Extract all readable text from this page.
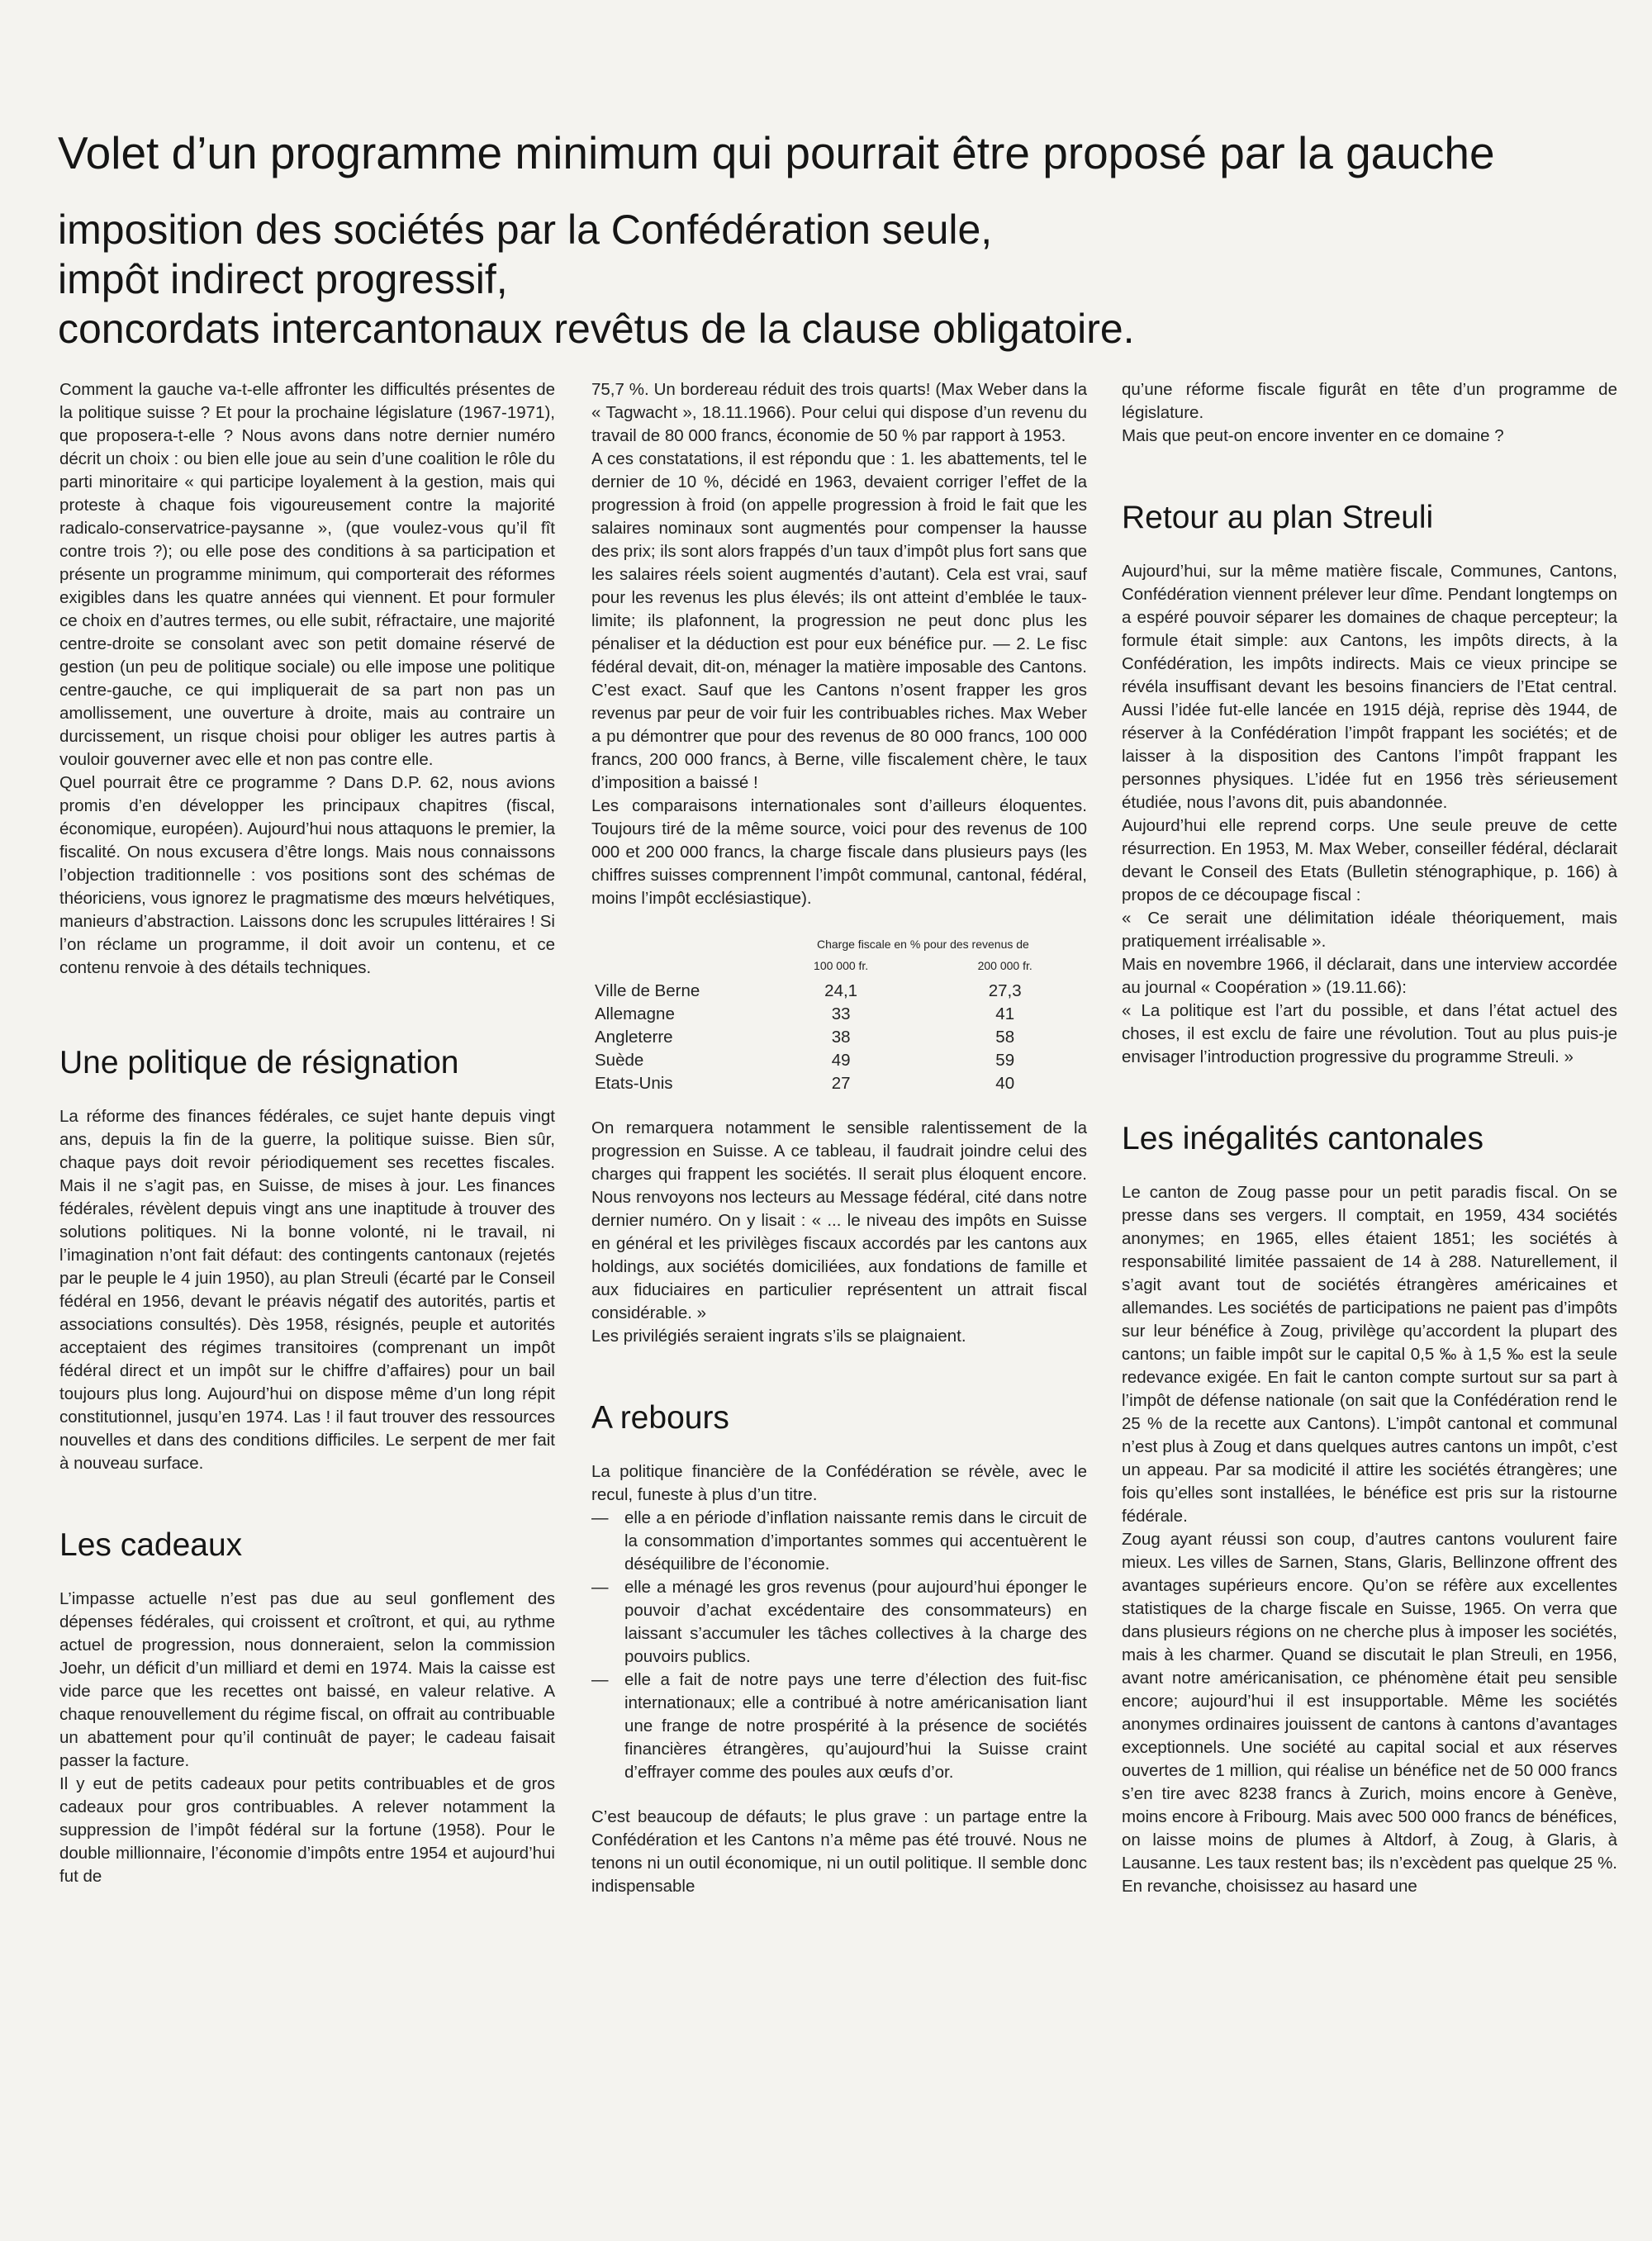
Volet d’un programme minimum qui pourrait être proposé par la gauche
imposition des sociétés par la Confédération seule,
impôt indirect progressif,
concordats intercantonaux revêtus de la clause obligatoire.

Comment la gauche va-t-elle affronter les difficultés présentes de la politique suisse ? Et pour la prochaine législature (1967-1971), que proposera-t-elle ? Nous avons dans notre dernier numéro décrit un choix : ou bien elle joue au sein d’une coalition le rôle du parti minoritaire « qui participe loyalement à la gestion, mais qui proteste à chaque fois vigoureusement contre la majorité radicalo-conservatrice-paysanne », (que voulez-vous qu’il fît contre trois ?); ou elle pose des conditions à sa participation et présente un programme minimum, qui comporterait des réformes exigibles dans les quatre années qui viennent. Et pour formuler ce choix en d’autres termes, ou elle subit, réfractaire, une majorité centre-droite se consolant avec son petit domaine réservé de gestion (un peu de politique sociale) ou elle impose une politique centre-gauche, ce qui impliquerait de sa part non pas un amollissement, une ouverture à droite, mais au contraire un durcissement, un risque choisi pour obliger les autres partis à vouloir gouverner avec elle et non pas contre elle.

Quel pourrait être ce programme ? Dans D.P. 62, nous avions promis d’en développer les principaux chapitres (fiscal, économique, européen). Aujourd’hui nous attaquons le premier, la fiscalité. On nous excusera d’être longs. Mais nous connaissons l’objection traditionnelle : vos positions sont des schémas de théoriciens, vous ignorez le pragmatisme des mœurs helvétiques, manieurs d’abstraction. Laissons donc les scrupules littéraires ! Si l’on réclame un programme, il doit avoir un contenu, et ce contenu renvoie à des détails techniques.

Une politique de résignation

La réforme des finances fédérales, ce sujet hante depuis vingt ans, depuis la fin de la guerre, la politique suisse. Bien sûr, chaque pays doit revoir périodiquement ses recettes fiscales. Mais il ne s’agit pas, en Suisse, de mises à jour. Les finances fédérales, révèlent depuis vingt ans une inaptitude à trouver des solutions politiques. Ni la bonne volonté, ni le travail, ni l’imagination n’ont fait défaut: des contingents cantonaux (rejetés par le peuple le 4 juin 1950), au plan Streuli (écarté par le Conseil fédéral en 1956, devant le préavis négatif des autorités, partis et associations consultés). Dès 1958, résignés, peuple et autorités acceptaient des régimes transitoires (comprenant un impôt fédéral direct et un impôt sur le chiffre d’affaires) pour un bail toujours plus long. Aujourd’hui on dispose même d’un long répit constitutionnel, jusqu’en 1974. Las ! il faut trouver des ressources nouvelles et dans des conditions difficiles. Le serpent de mer fait à nouveau surface.

Les cadeaux

L’impasse actuelle n’est pas due au seul gonflement des dépenses fédérales, qui croissent et croîtront, et qui, au rythme actuel de progression, nous donneraient, selon la commission Joehr, un déficit d’un milliard et demi en 1974. Mais la caisse est vide parce que les recettes ont baissé, en valeur relative. A chaque renouvellement du régime fiscal, on offrait au contribuable un abattement pour qu’il continuât de payer; le cadeau faisait passer la facture.

Il y eut de petits cadeaux pour petits contribuables et de gros cadeaux pour gros contribuables. A relever notamment la suppression de l’impôt fédéral sur la fortune (1958). Pour le double millionnaire, l’économie d’impôts entre 1954 et aujourd’hui fut de

75,7 %. Un bordereau réduit des trois quarts! (Max Weber dans la « Tagwacht », 18.11.1966). Pour celui qui dispose d’un revenu du travail de 80 000 francs, économie de 50 % par rapport à 1953.

A ces constatations, il est répondu que : 1. les abattements, tel le dernier de 10 %, décidé en 1963, devaient corriger l’effet de la progression à froid (on appelle progression à froid le fait que les salaires nominaux sont augmentés pour compenser la hausse des prix; ils sont alors frappés d’un taux d’impôt plus fort sans que les salaires réels soient augmentés d’autant). Cela est vrai, sauf pour les revenus les plus élevés; ils ont atteint d’emblée le taux-limite; ils plafonnent, la progression ne peut donc plus les pénaliser et la déduction est pour eux bénéfice pur. — 2. Le fisc fédéral devait, dit-on, ménager la matière imposable des Cantons. C’est exact. Sauf que les Cantons n’osent frapper les gros revenus par peur de voir fuir les contribuables riches. Max Weber a pu démontrer que pour des revenus de 80 000 francs, 100 000 francs, 200 000 francs, à Berne, ville fiscalement chère, le taux d’imposition a baissé !

Les comparaisons internationales sont d’ailleurs éloquentes. Toujours tiré de la même source, voici pour des revenus de 100 000 et 200 000 francs, la charge fiscale dans plusieurs pays (les chiffres suisses comprennent l’impôt communal, cantonal, fédéral, moins l’impôt ecclésiastique).

	Charge fiscale en % pour des revenus de	
	100 000 fr.	200 000 fr.
Ville de Berne	24,1	27,3
Allemagne	33	41
Angleterre	38	58
Suède	49	59
Etats-Unis	27	40

On remarquera notamment le sensible ralentissement de la progression en Suisse. A ce tableau, il faudrait joindre celui des charges qui frappent les sociétés. Il serait plus éloquent encore. Nous renvoyons nos lecteurs au Message fédéral, cité dans notre dernier numéro. On y lisait : « ... le niveau des impôts en Suisse en général et les privilèges fiscaux accordés par les cantons aux holdings, aux sociétés domiciliées, aux fondations de famille et aux fiduciaires en particulier représentent un attrait fiscal considérable. »

Les privilégiés seraient ingrats s’ils se plaignaient.

A rebours

La politique financière de la Confédération se révèle, avec le recul, funeste à plus d’un titre.

— elle a en période d’inflation naissante remis dans le circuit de la consommation d’importantes sommes qui accentuèrent le déséquilibre de l’économie.
— elle a ménagé les gros revenus (pour aujourd’hui éponger le pouvoir d’achat excédentaire des consommateurs) en laissant s’accumuler les tâches collectives à la charge des pouvoirs publics.
— elle a fait de notre pays une terre d’élection des fuit-fisc internationaux; elle a contribué à notre américanisation liant une frange de notre prospérité à la présence de sociétés financières étrangères, qu’aujourd’hui la Suisse craint d’effrayer comme des poules aux œufs d’or.

C’est beaucoup de défauts; le plus grave : un partage entre la Confédération et les Cantons n’a même pas été trouvé. Nous ne tenons ni un outil économique, ni un outil politique. Il semble donc indispensable

qu’une réforme fiscale figurât en tête d’un programme de législature.

Mais que peut-on encore inventer en ce domaine ?

Retour au plan Streuli

Aujourd’hui, sur la même matière fiscale, Communes, Cantons, Confédération viennent prélever leur dîme. Pendant longtemps on a espéré pouvoir séparer les domaines de chaque percepteur; la formule était simple: aux Cantons, les impôts directs, à la Confédération, les impôts indirects. Mais ce vieux principe se révéla insuffisant devant les besoins financiers de l’Etat central. Aussi l’idée fut-elle lancée en 1915 déjà, reprise dès 1944, de réserver à la Confédération l’impôt frappant les sociétés; et de laisser à la disposition des Cantons l’impôt frappant les personnes physiques. L’idée fut en 1956 très sérieusement étudiée, nous l’avons dit, puis abandonnée.

Aujourd’hui elle reprend corps. Une seule preuve de cette résurrection. En 1953, M. Max Weber, conseiller fédéral, déclarait devant le Conseil des Etats (Bulletin sténographique, p. 166) à propos de ce découpage fiscal :

« Ce serait une délimitation idéale théoriquement, mais pratiquement irréalisable ».

Mais en novembre 1966, il déclarait, dans une interview accordée au journal « Coopération » (19.11.66):

« La politique est l’art du possible, et dans l’état actuel des choses, il est exclu de faire une révolution. Tout au plus puis-je envisager l’introduction progressive du programme Streuli. »

Les inégalités cantonales

Le canton de Zoug passe pour un petit paradis fiscal. On se presse dans ses vergers. Il comptait, en 1959, 434 sociétés anonymes; en 1965, elles étaient 1851; les sociétés à responsabilité limitée passaient de 14 à 288. Naturellement, il s’agit avant tout de sociétés étrangères américaines et allemandes. Les sociétés de participations ne paient pas d’impôts sur leur bénéfice à Zoug, privilège qu’accordent la plupart des cantons; un faible impôt sur le capital 0,5 ‰ à 1,5 ‰ est la seule redevance exigée. En fait le canton compte surtout sur sa part à l’impôt de défense nationale (on sait que la Confédération rend le 25 % de la recette aux Cantons). L’impôt cantonal et communal n’est plus à Zoug et dans quelques autres cantons un impôt, c’est un appeau. Par sa modicité il attire les sociétés étrangères; une fois qu’elles sont installées, le bénéfice est pris sur la ristourne fédérale.

Zoug ayant réussi son coup, d’autres cantons voulurent faire mieux. Les villes de Sarnen, Stans, Glaris, Bellinzone offrent des avantages supérieurs encore. Qu’on se réfère aux excellentes statistiques de la charge fiscale en Suisse, 1965. On verra que dans plusieurs régions on ne cherche plus à imposer les sociétés, mais à les charmer. Quand se discutait le plan Streuli, en 1956, avant notre américanisation, ce phénomène était peu sensible encore; aujourd’hui il est insupportable. Même les sociétés anonymes ordinaires jouissent de cantons à cantons d’avantages exceptionnels. Une société au capital social et aux réserves ouvertes de 1 million, qui réalise un bénéfice net de 50 000 francs s’en tire avec 8238 francs à Zurich, moins encore à Genève, moins encore à Fribourg. Mais avec 500 000 francs de bénéfices, on laisse moins de plumes à Altdorf, à Zoug, à Glaris, à Lausanne. Les taux restent bas; ils n’excèdent pas quelque 25 %. En revanche, choisissez au hasard une
